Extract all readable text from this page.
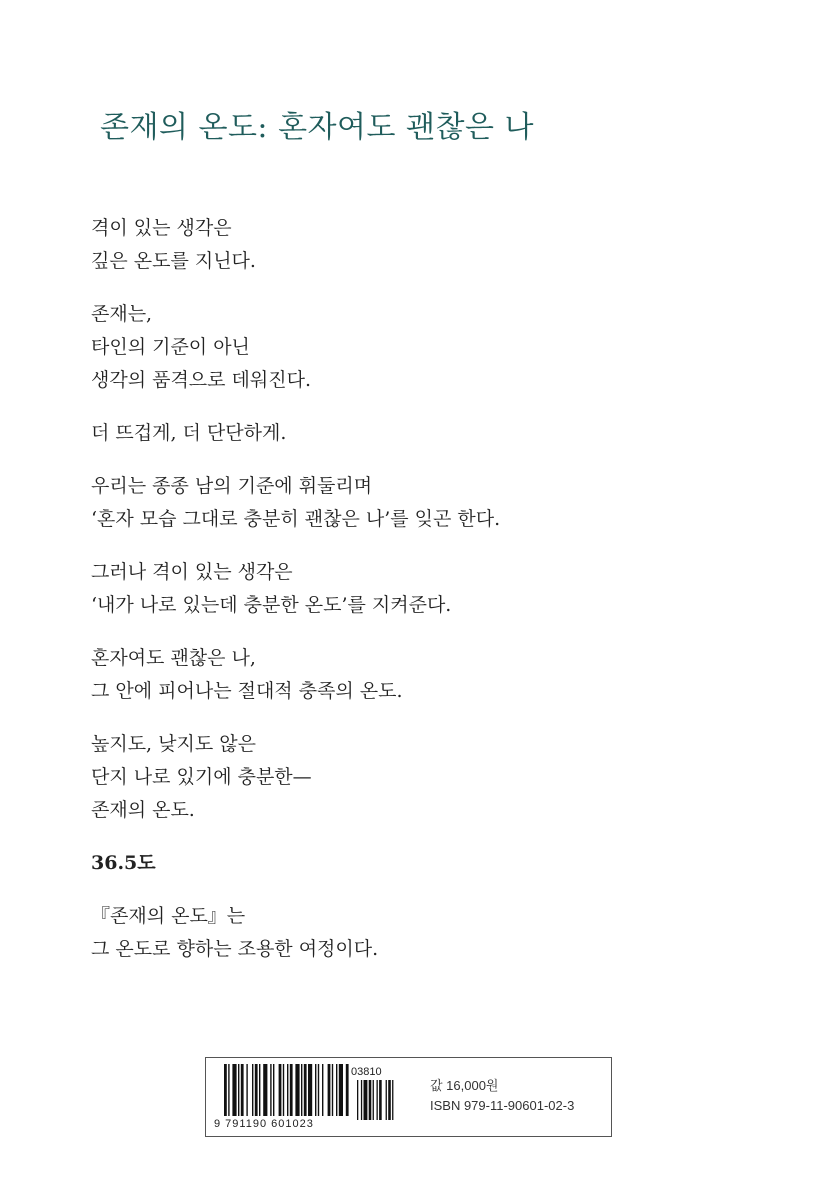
존재의 온도: 혼자여도 괜찮은 나
격이 있는 생각은
깊은 온도를 지닌다.
존재는,
타인의 기준이 아닌
생각의 품격으로 데워진다.
더 뜨겁게, 더 단단하게.
우리는 종종 남의 기준에 휘둘리며
‘혼자 모습 그대로 충분히 괜찮은 나’를 잊곤 한다.
그러나 격이 있는 생각은
‘내가 나로 있는데 충분한 온도’를 지켜준다.
혼자여도 괜찮은 나,
그 안에 피어나는 절대적 충족의 온도.
높지도, 낮지도 않은
단지 나로 있기에 충분한—
존재의 온도.
36.5도
『존재의 온도』는
그 온도로 향하는 조용한 여정이다.
03810
9 791190 601023
값 16,000원
ISBN 979-11-90601-02-3
